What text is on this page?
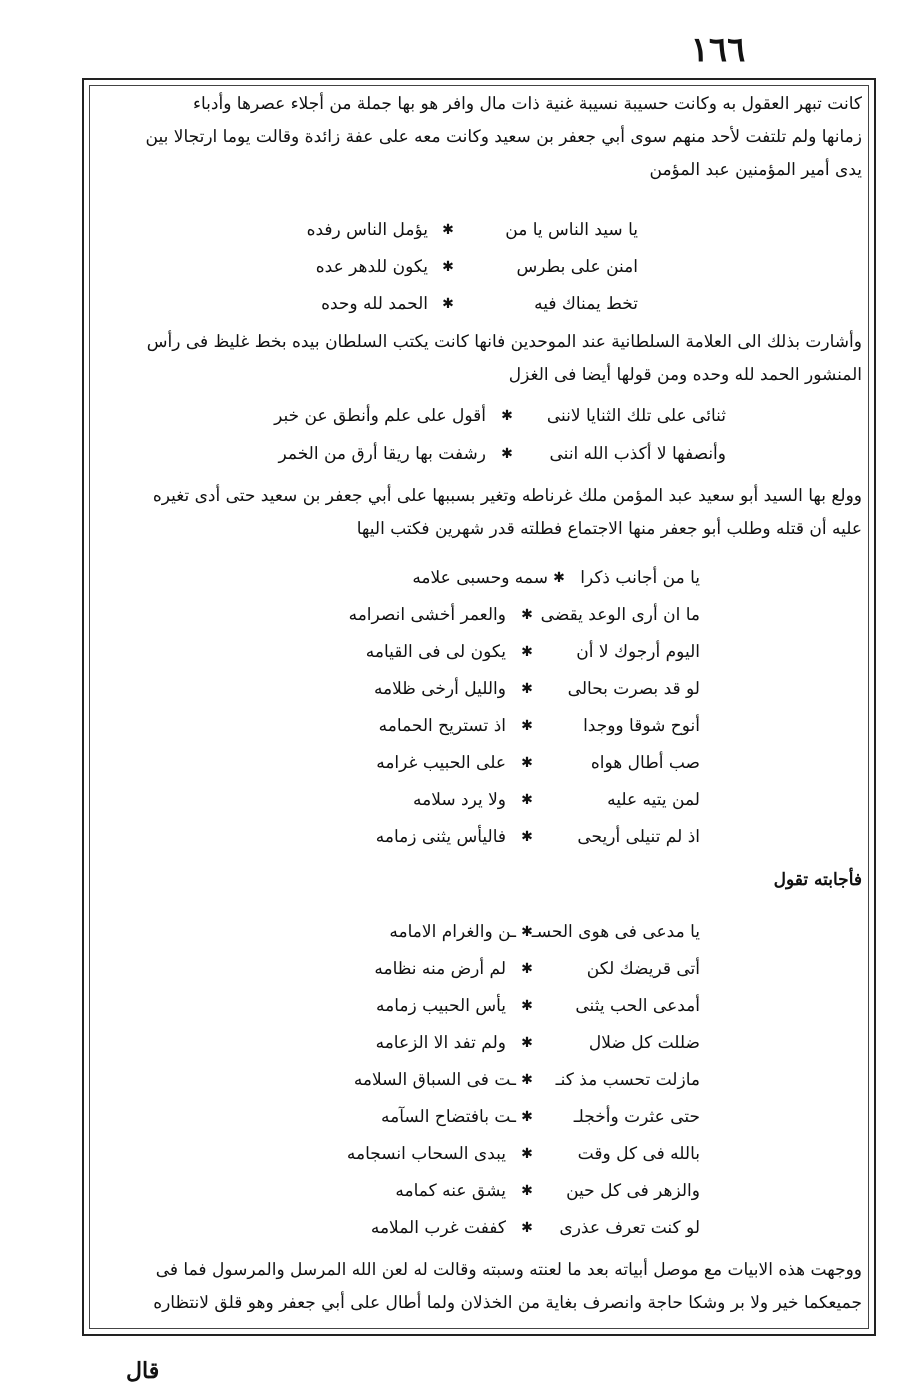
١٦٦
كانت تبهر العقول به وكانت حسيبة نسيبة غنية ذات مال وافر هو بها جملة من أجلاء عصرها وأدباء
زمانها ولم تلتفت لأحد منهم سوى أبي جعفر بن سعيد وكانت معه على عفة زائدة وقالت يوما ارتجالا بين
يدى أمير المؤمنين عبد المؤمن
يا سيد الناس يا من
✱
يؤمل الناس رفده
امنن على بطرس
✱
يكون للدهر عده
تخط يمناك فيه
✱
الحمد لله وحده
وأشارت بذلك الى العلامة السلطانية عند الموحدين فانها كانت يكتب السلطان بيده بخط غليظ فى رأس
المنشور الحمد لله وحده ومن قولها أيضا فى الغزل
ثنائى على تلك الثنايا لاننى
✱
أقول على علم وأنطق عن خبر
وأنصفها لا أكذب الله اننى
✱
رشفت بها ريقا أرق من الخمر
وولع بها السيد أبو سعيد عبد المؤمن ملك غرناطه وتغير بسببها على أبي جعفر بن سعيد حتى أدى تغيره
عليه أن قتله وطلب أبو جعفر منها الاجتماع فطلته قدر شهرين فكتب اليها
يا من أجانب ذكرا
✱
سمه وحسبى علامه
ما ان أرى الوعد يقضى
✱
والعمر أخشى انصرامه
اليوم أرجوك لا أن
✱
يكون لى فى القيامه
لو قد بصرت بحالى
✱
والليل أرخى ظلامه
أنوح شوقا ووجدا
✱
اذ تستريح الحمامه
صب أطال هواه
✱
على الحبيب غرامه
لمن يتيه عليه
✱
ولا يرد سلامه
اذ لم تنيلى أريحى
✱
فاليأس يثنى زمامه
فأجابته تقول
يا مدعى فى هوى الحسـ
✱
ـن والغرام الامامه
أتى قريضك لكن
✱
لم أرض منه نظامه
أمدعى الحب يثنى
✱
يأس الحبيب زمامه
ضللت كل ضلال
✱
ولم تفد الا الزعامه
مازلت تحسب مذ كنـ
✱
ـت فى السباق السلامه
حتى عثرت وأخجلـ
✱
ـت بافتضاح السآمه
بالله فى كل وقت
✱
يبدى السحاب انسجامه
والزهر فى كل حين
✱
يشق عنه كمامه
لو كنت تعرف عذرى
✱
كففت غرب الملامه
ووجهت هذه الابيات مع موصل أبياته بعد ما لعنته وسبته وقالت له لعن الله المرسل والمرسول فما فى
جميعكما خير ولا بر وشكا حاجة وانصرف بغاية من الخذلان ولما أطال على أبي جعفر وهو قلق لانتظاره
قال
